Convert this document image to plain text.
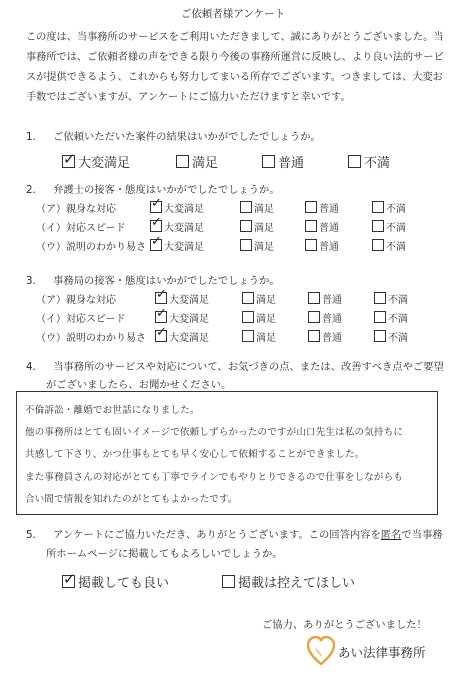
ご依頼者様アンケート
この度は、当事務所のサービスをご利用いただきまして、誠にありがとうございました。当事務所では、ご依頼者様の声をできる限り今後の事務所運営に反映し、より良い法的サービスが提供できるよう、これからも努力してまいる所存でございます。つきましては、大変お手数ではございますが、アンケートにご協力いただけますと幸いです。
1. ご依頼いただいた案件の結果はいかがでしたでしょうか。
✓大変満足	満足	普通	不満
2. 弁護士の接客・態度はいかがでしたでしょうか。
（ア）親身な対応 ✓	大変満足	満足	普通	不満
（イ）対応スピード ✓	大変満足	満足	普通	不満
（ウ）説明のわかり易さ ✓	大変満足	満足	普通	不満
3. 事務局の接客・態度はいかがでしたでしょうか。
（ア）親身な対応 ✓	大変満足	満足	普通	不満
（イ）対応スピード ✓	大変満足	満足	普通	不満
（ウ）説明のわかり易さ ✓	大変満足	満足	普通	不満
4. 当事務所のサービスや対応について、お気づきの点、または、改善すべき点やご要望
がございましたら、お聞かせください。
不倫訴訟・離婚でお世話になりました。
他の事務所はとても固いイメージで依頼しずらかったのですが山口先生は私の気持ちに
共感して下さり、かつ仕事もとても早く安心して依頼することができました。
また事務員さんの対応がとても丁寧でラインでもやりとりできるので仕事をしながらも
合い間で情報を知れたのがとてもよかったです。
5. アンケートにご協力いただき、ありがとうございます。この回答内容を匿名で当事務
所ホームページに掲載してもよろしいでしょうか。
✓掲載しても良い	掲載は控えてほしい
ご協力、ありがとうございました！
あい法律事務所
